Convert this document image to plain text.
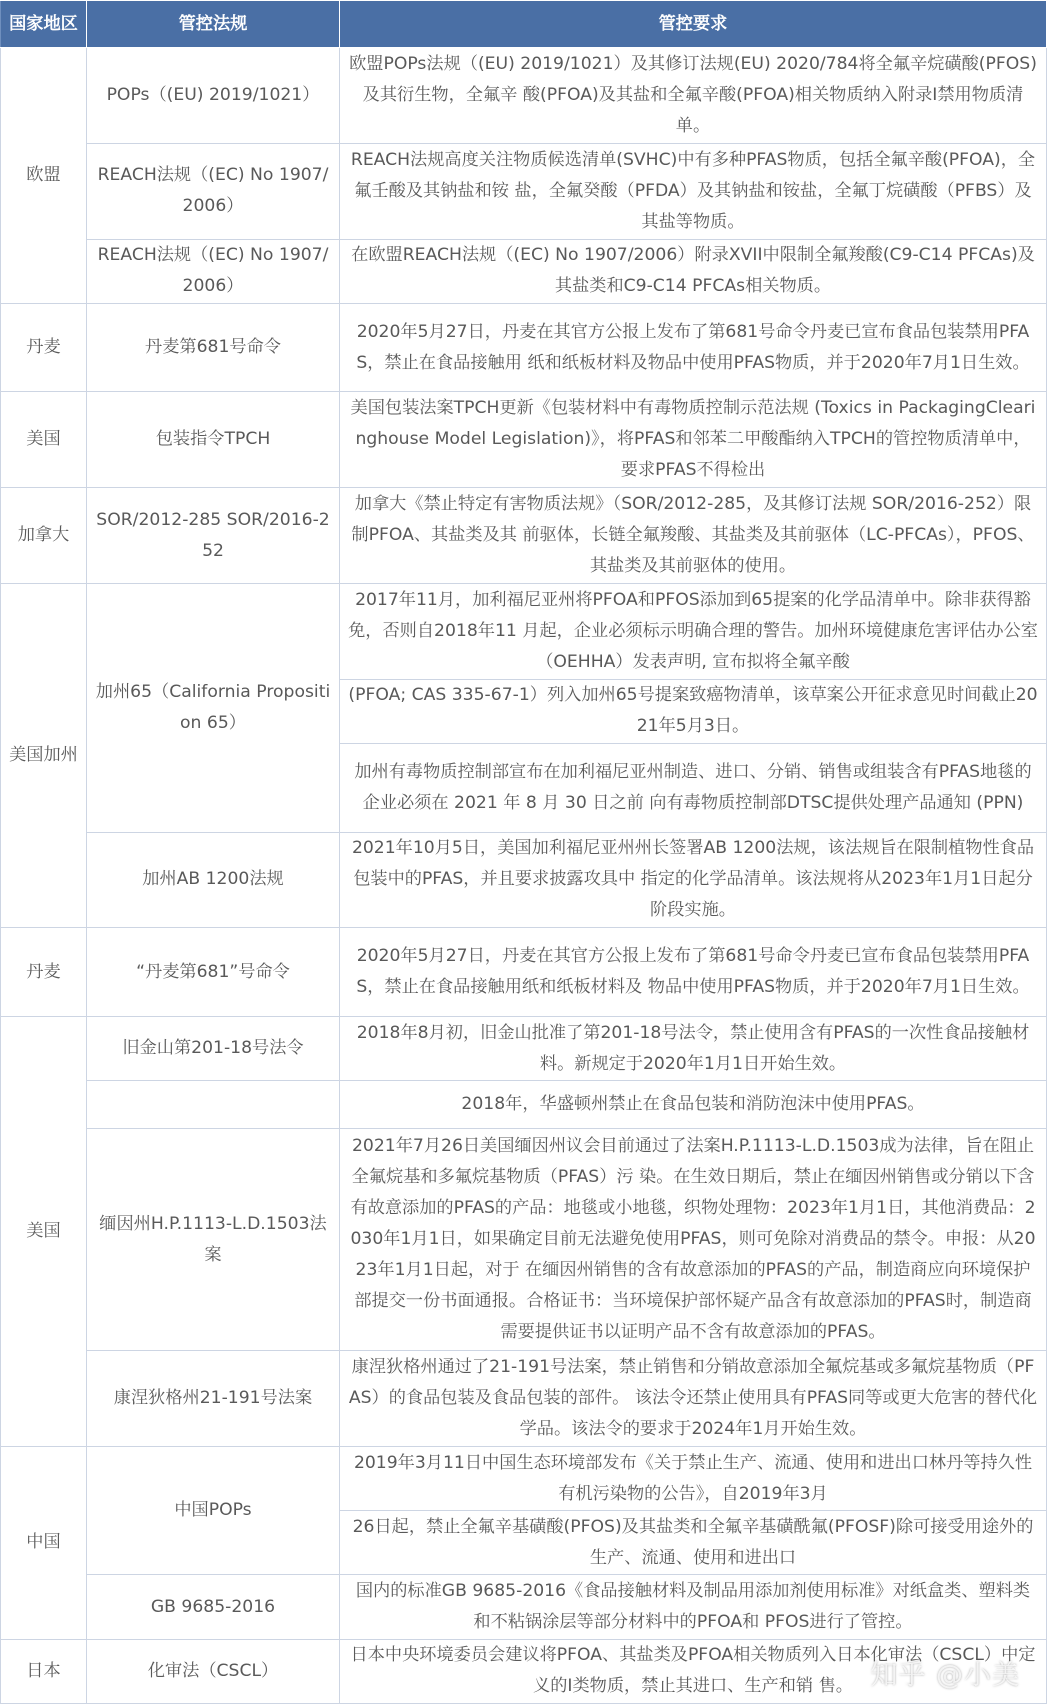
国家地区	管控法规	管控要求
欧盟	POPs（(EU) 2019/1021）	欧盟POPs法规（(EU) 2019/1021）及其修订法规(EU) 2020/784将全氟辛烷磺酸(PFOS)及其衍生物，全氟辛 酸(PFOA)及其盐和全氟辛酸(PFOA)相关物质纳入附录I禁用物质清单。
	REACH法规（(EC) No 1907/2006）	REACH法规高度关注物质候选清单(SVHC)中有多种PFAS物质，包括全氟辛酸(PFOA)，全氟壬酸及其钠盐和铵 盐，全氟癸酸（PFDA）及其钠盐和铵盐，全氟丁烷磺酸（PFBS）及其盐等物质。
	REACH法规（(EC) No 1907/2006）	在欧盟REACH法规（(EC) No 1907/2006）附录XVII中限制全氟羧酸(C9-C14 PFCAs)及其盐类和C9-C14 PFCAs相关物质。
丹麦	丹麦第681号命令	2020年5月27日，丹麦在其官方公报上发布了第681号命令丹麦已宣布食品包装禁用PFAS，禁止在食品接触用 纸和纸板材料及物品中使用PFAS物质，并于2020年7月1日生效。
美国	包装指令TPCH	美国包装法案TPCH更新《包装材料中有毒物质控制示范法规 (Toxics in PackagingClearinghouse Model Legislation)》，将PFAS和邻苯二甲酸酯纳入TPCH的管控物质清单中，要求PFAS不得检出
加拿大	SOR/2012-285 SOR/2016-252	加拿大《禁止特定有害物质法规》（SOR/2012-285，及其修订法规 SOR/2016-252）限制PFOA、其盐类及其 前驱体，长链全氟羧酸、其盐类及其前驱体（LC-PFCAs），PFOS、其盐类及其前驱体的使用。
美国加州	加州65（California Proposition 65）	2017年11月，加利福尼亚州将PFOA和PFOS添加到65提案的化学品清单中。除非获得豁免，否则自2018年11 月起，企业必须标示明确合理的警告。加州环境健康危害评估办公室（OEHHA）发表声明, 宣布拟将全氟辛酸
		(PFOA; CAS 335-67-1）列入加州65号提案致癌物清单，该草案公开征求意见时间截止2021年5月3日。
		加州有毒物质控制部宣布在加利福尼亚州制造、进口、分销、销售或组装含有PFAS地毯的企业必须在 2021 年 8 月 30 日之前 向有毒物质控制部DTSC提供处理产品通知 (PPN)
	加州AB 1200法规	2021年10月5日，美国加利福尼亚州州长签署AB 1200法规，该法规旨在限制植物性食品包装中的PFAS，并且要求披露攻具中 指定的化学品清单。该法规将从2023年1月1日起分阶段实施。
丹麦	“丹麦第681”号命令	2020年5月27日，丹麦在其官方公报上发布了第681号命令丹麦已宣布食品包装禁用PFAS，禁止在食品接触用纸和纸板材料及 物品中使用PFAS物质，并于2020年7月1日生效。
美国	旧金山第201-18号法令	2018年8月初，旧金山批准了第201-18号法令，禁止使用含有PFAS的一次性食品接触材料。新规定于2020年1月1日开始生效。
		2018年，华盛顿州禁止在食品包装和消防泡沫中使用PFAS。
	缅因州H.P.1113-L.D.1503法案	2021年7月26日美国缅因州议会目前通过了法案H.P.1113-L.D.1503成为法律，旨在阻止全氟烷基和多氟烷基物质（PFAS）污 染。在生效日期后，禁止在缅因州销售或分销以下含有故意添加的PFAS的产品：地毯或小地毯，织物处理物：2023年1月1日，其他消费品：2030年1月1日，如果确定目前无法避免使用PFAS，则可免除对消费品的禁令。申报：从2023年1月1日起，对于 在缅因州销售的含有故意添加的PFAS的产品，制造商应向环境保护部提交一份书面通报。合格证书：当环境保护部怀疑产品含有故意添加的PFAS时，制造商需要提供证书以证明产品不含有故意添加的PFAS。
	康涅狄格州21-191号法案	康涅狄格州通过了21-191号法案，禁止销售和分销故意添加全氟烷基或多氟烷基物质（PFAS）的食品包装及食品包装的部件。 该法令还禁止使用具有PFAS同等或更大危害的替代化学品。该法令的要求于2024年1月开始生效。
中国	中国POPs	2019年3月11日中国生态环境部发布《关于禁止生产、流通、使用和进出口林丹等持久性有机污染物的公告》，自2019年3月
		26日起，禁止全氟辛基磺酸(PFOS)及其盐类和全氟辛基磺酰氟(PFOSF)除可接受用途外的生产、流通、使用和进出口
	GB 9685-2016	国内的标准GB 9685-2016《食品接触材料及制品用添加剂使用标准》对纸盒类、塑料类和不粘锅涂层等部分材料中的PFOA和 PFOS进行了管控。
日本	化审法（CSCL）	日本中央环境委员会建议将PFOA、其盐类及PFOA相关物质列入日本化审法（CSCL）中定义的I类物质，禁止其进口、生产和销 售。 知乎 @小美
